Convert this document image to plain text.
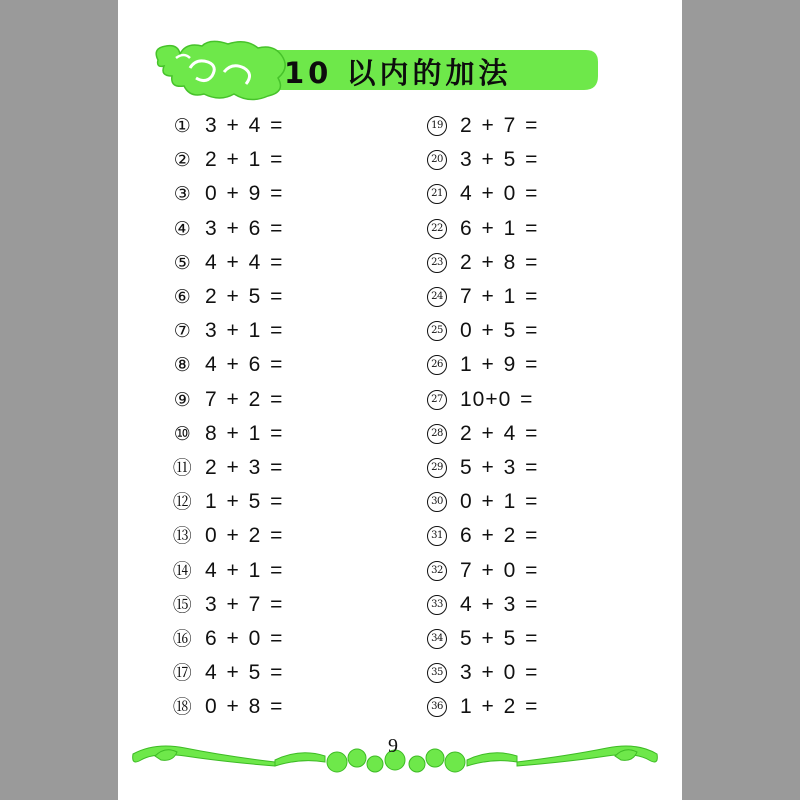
10 以内的加法
① 3 + 4 =
② 2 + 1 =
③ 0 + 9 =
④ 3 + 6 =
⑤ 4 + 4 =
⑥ 2 + 5 =
⑦ 3 + 1 =
⑧ 4 + 6 =
⑨ 7 + 2 =
⑩ 8 + 1 =
⑪ 2 + 3 =
⑫ 1 + 5 =
⑬ 0 + 2 =
⑭ 4 + 1 =
⑮ 3 + 7 =
⑯ 6 + 0 =
⑰ 4 + 5 =
⑱ 0 + 8 =
19 2 + 7 =
20 3 + 5 =
21 4 + 0 =
22 6 + 1 =
23 2 + 8 =
24 7 + 1 =
25 0 + 5 =
26 1 + 9 =
27 10+0 =
28 2 + 4 =
29 5 + 3 =
30 0 + 1 =
31 6 + 2 =
32 7 + 0 =
33 4 + 3 =
34 5 + 5 =
35 3 + 0 =
36 1 + 2 =
9
